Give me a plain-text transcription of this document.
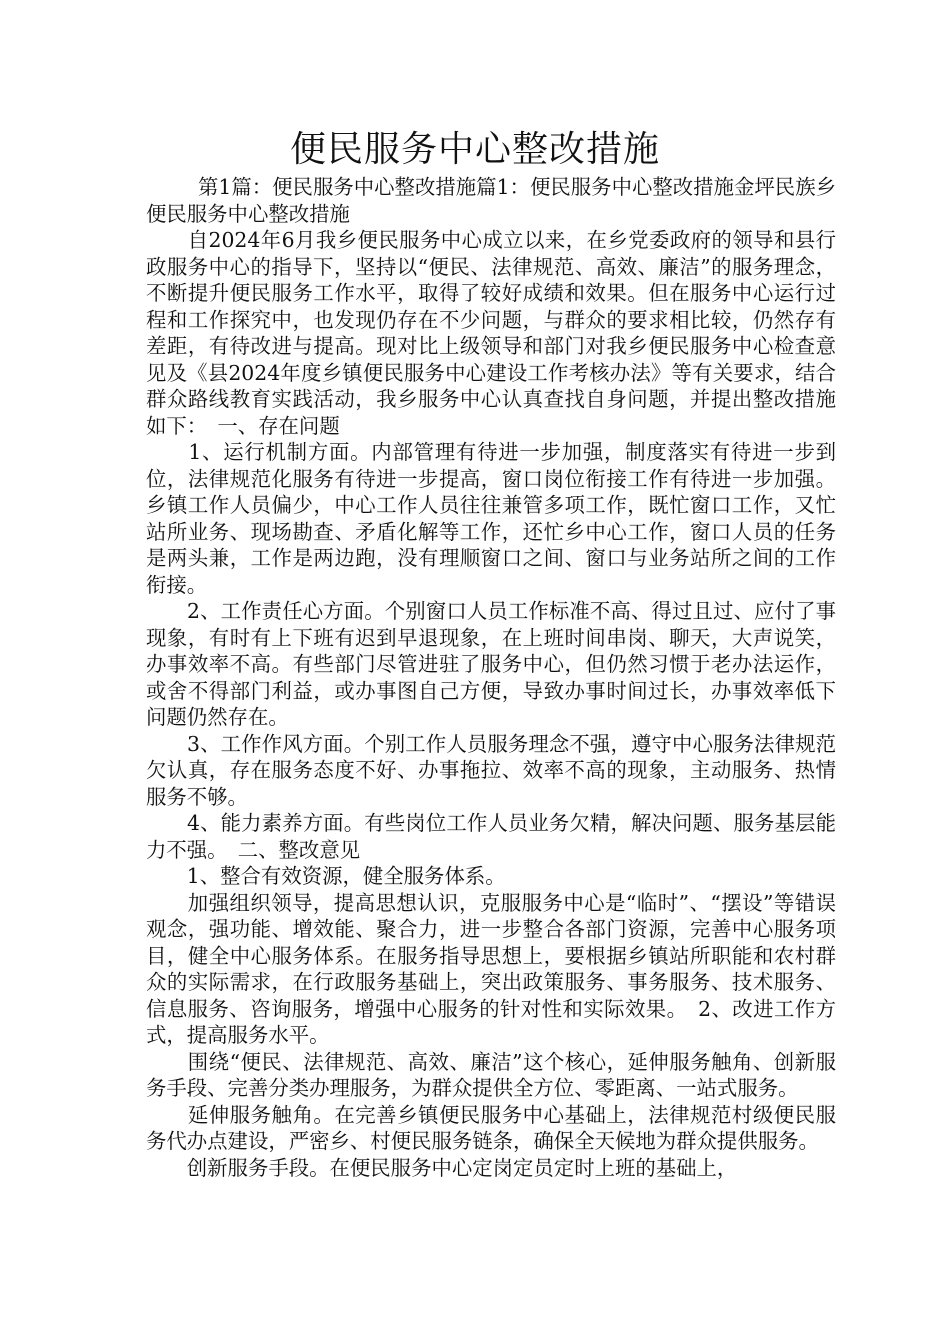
便民服务中心整改措施

第1篇：便民服务中心整改措施篇1：便民服务中心整改措施金坪民族乡便民服务中心整改措施

　　自2024年6月我乡便民服务中心成立以来，在乡党委政府的领导和县行政服务中心的指导下，坚持以“便民、法律规范、高效、廉洁”的服务理念，不断提升便民服务工作水平，取得了较好成绩和效果。但在服务中心运行过程和工作探究中，也发现仍存在不少问题，与群众的要求相比较，仍然存有差距，有待改进与提高。现对比上级领导和部门对我乡便民服务中心检查意见及《县2024年度乡镇便民服务中心建设工作考核办法》等有关要求，结合群众路线教育实践活动，我乡服务中心认真查找自身问题，并提出整改措施如下：　一、存在问题

　　1、运行机制方面。内部管理有待进一步加强，制度落实有待进一步到位，法律规范化服务有待进一步提高，窗口岗位衔接工作有待进一步加强。乡镇工作人员偏少，中心工作人员往往兼管多项工作，既忙窗口工作，又忙站所业务、现场勘查、矛盾化解等工作，还忙乡中心工作，窗口人员的任务是两头兼，工作是两边跑，没有理顺窗口之间、窗口与业务站所之间的工作衔接。

　　2、工作责任心方面。个别窗口人员工作标准不高、得过且过、应付了事现象，有时有上下班有迟到早退现象，在上班时间串岗、聊天，大声说笑，办事效率不高。有些部门尽管进驻了服务中心，但仍然习惯于老办法运作，或舍不得部门利益，或办事图自己方便，导致办事时间过长，办事效率低下问题仍然存在。

　　3、工作作风方面。个别工作人员服务理念不强，遵守中心服务法律规范欠认真，存在服务态度不好、办事拖拉、效率不高的现象，主动服务、热情服务不够。

　　4、能力素养方面。有些岗位工作人员业务欠精，解决问题、服务基层能力不强。　二、整改意见

　　1、整合有效资源，健全服务体系。

　　加强组织领导，提高思想认识，克服服务中心是“临时”、“摆设”等错误观念，强功能、增效能、聚合力，进一步整合各部门资源，完善中心服务项目，健全中心服务体系。在服务指导思想上，要根据乡镇站所职能和农村群众的实际需求，在行政服务基础上，突出政策服务、事务服务、技术服务、信息服务、咨询服务，增强中心服务的针对性和实际效果。　2、改进工作方式，提高服务水平。

　　围绕“便民、法律规范、高效、廉洁”这个核心，延伸服务触角、创新服务手段、完善分类办理服务，为群众提供全方位、零距离、一站式服务。

　　延伸服务触角。在完善乡镇便民服务中心基础上，法律规范村级便民服务代办点建设，严密乡、村便民服务链条，确保全天候地为群众提供服务。

　　创新服务手段。在便民服务中心定岗定员定时上班的基础上，
